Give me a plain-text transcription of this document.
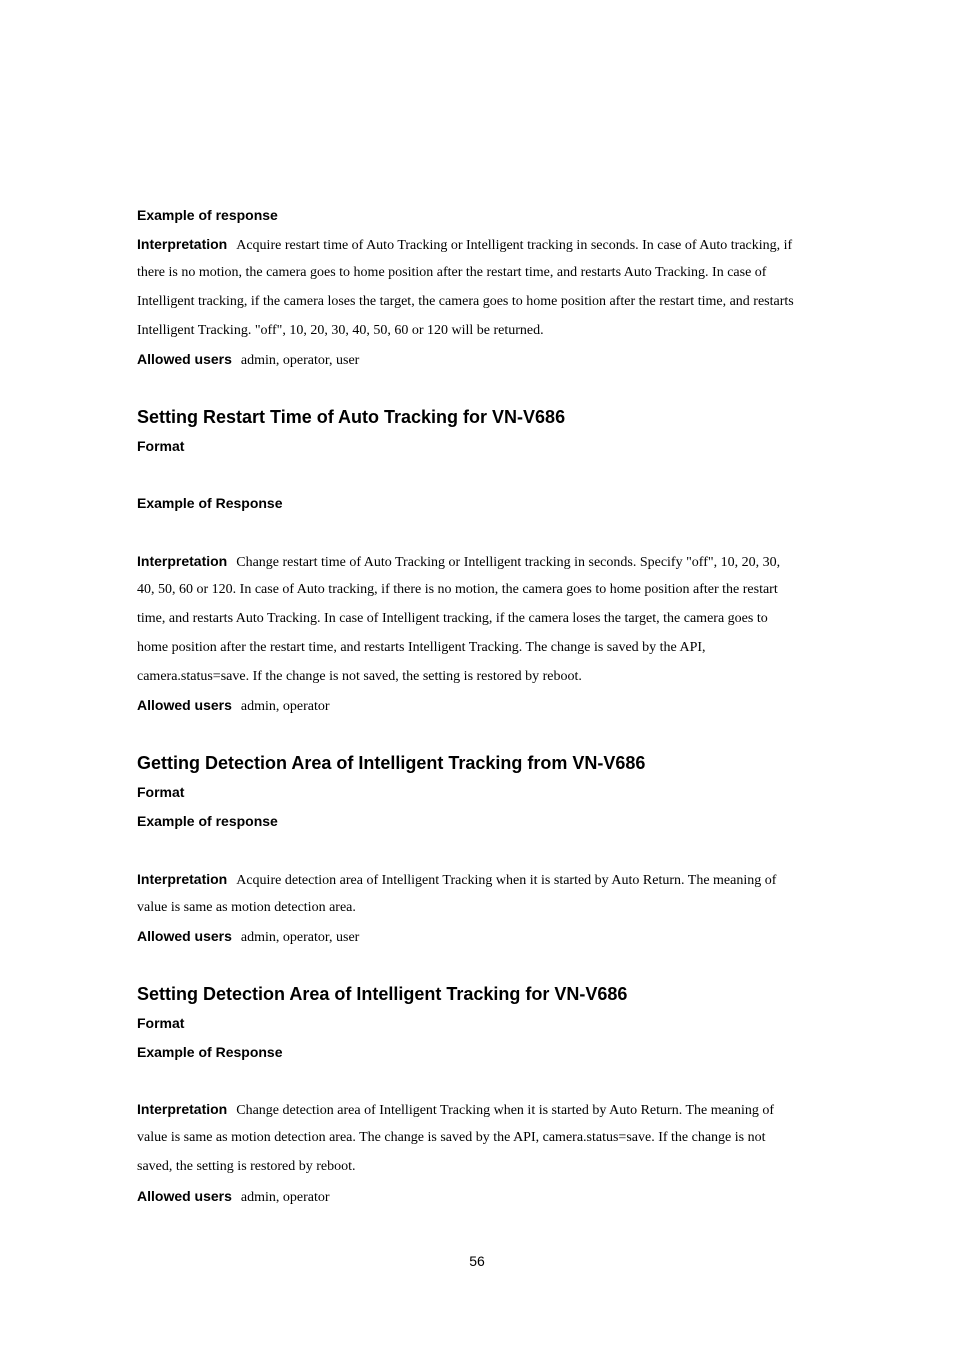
Example of response
Interpretation Acquire restart time of Auto Tracking or Intelligent tracking in seconds. In case of Auto tracking, if
there is no motion, the camera goes to home position after the restart time, and restarts Auto Tracking. In case of
Intelligent tracking, if the camera loses the target, the camera goes to home position after the restart time, and restarts
Intelligent Tracking. "off", 10, 20, 30, 40, 50, 60 or 120 will be returned.
Allowed users admin, operator, user
Setting Restart Time of Auto Tracking for VN-V686
Format
Example of Response
Interpretation Change restart time of Auto Tracking or Intelligent tracking in seconds. Specify "off", 10, 20, 30,
40, 50, 60 or 120. In case of Auto tracking, if there is no motion, the camera goes to home position after the restart
time, and restarts Auto Tracking. In case of Intelligent tracking, if the camera loses the target, the camera goes to
home position after the restart time, and restarts Intelligent Tracking. The change is saved by the API,
camera.status=save. If the change is not saved, the setting is restored by reboot.
Allowed users admin, operator
Getting Detection Area of Intelligent Tracking from VN-V686
Format
Example of response
Interpretation Acquire detection area of Intelligent Tracking when it is started by Auto Return. The meaning of
value is same as motion detection area.
Allowed users admin, operator, user
Setting Detection Area of Intelligent Tracking for VN-V686
Format
Example of Response
Interpretation Change detection area of Intelligent Tracking when it is started by Auto Return. The meaning of
value is same as motion detection area. The change is saved by the API, camera.status=save. If the change is not
saved, the setting is restored by reboot.
Allowed users admin, operator
56
